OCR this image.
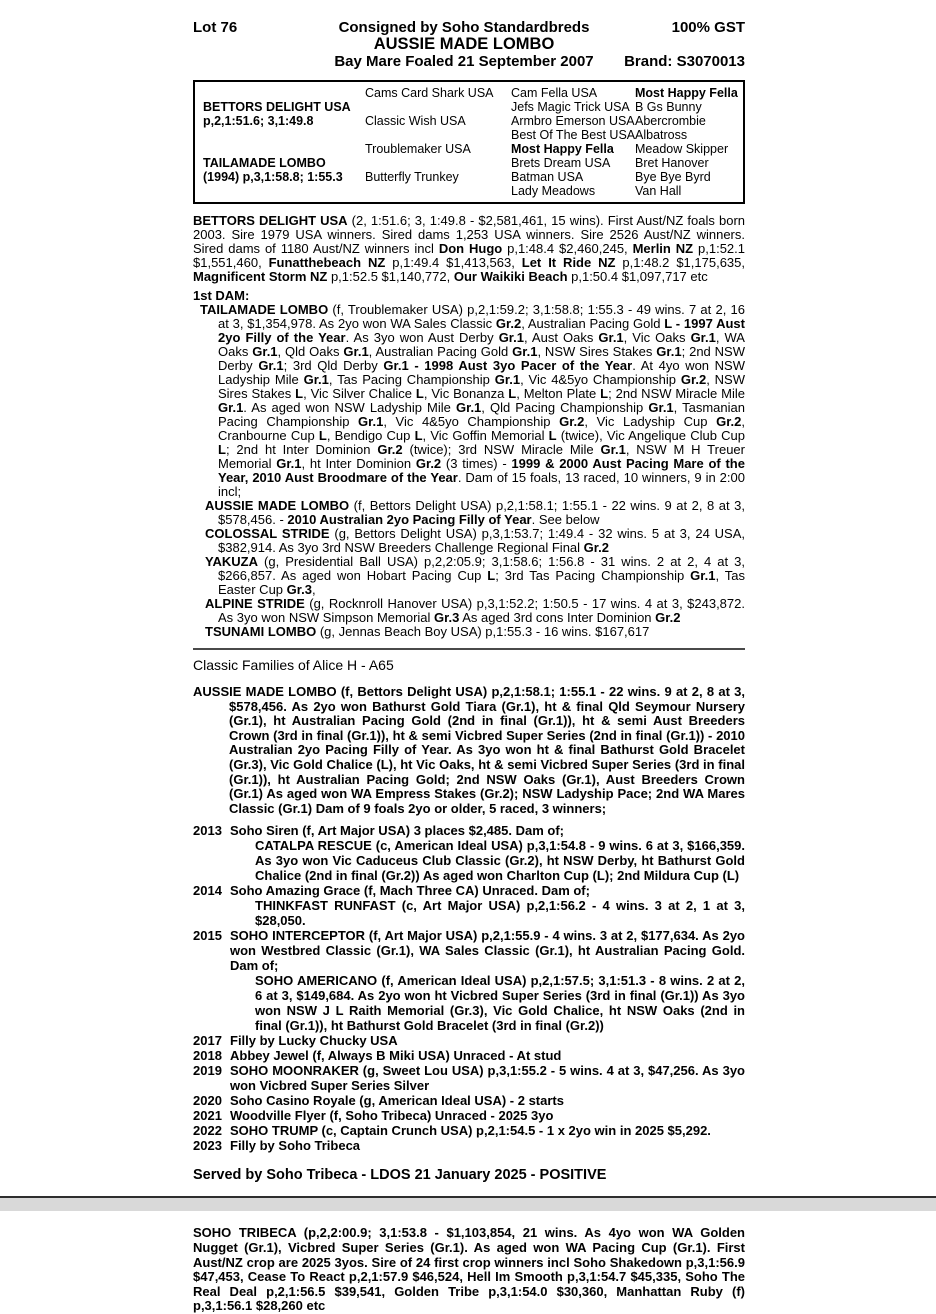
Lot 76	Consigned by Soho Standardbreds
AUSSIE MADE LOMBO
Bay Mare Foaled 21 September 2007
100% GST
Brand: S3070013
BETTORS DELIGHT USA
p,2,1:51.6; 3,1:49.8
TAILAMADE LOMBO
(1994) p,3,1:58.8; 1:55.3
Cams Card Shark USA
Classic Wish USA
Troublemaker USA
Butterfly Trunkey
Cam Fella USA
Jefs Magic Trick USA
Armbro Emerson USA
Best Of The Best USA
Most Happy Fella
Brets Dream USA
Batman USA
Lady Meadows
Most Happy Fella
B Gs Bunny
Abercrombie
Albatross
Meadow Skipper
Bret Hanover
Bye Bye Byrd
Van Hall
BETTORS DELIGHT USA (2, 1:51.6; 3, 1:49.8 - $2,581,461, 15 wins). First Aust/NZ foals born 2003. Sire 1979 USA winners. Sired dams 1,253 USA winners. Sire 2526 Aust/NZ winners. Sired dams of 1180 Aust/NZ winners incl Don Hugo p,1:48.4 $2,460,245, Merlin NZ p,1:52.1 $1,551,460, Funatthebeach NZ p,1:49.4 $1,413,563, Let It Ride NZ p,1:48.2 $1,175,635, Magnificent Storm NZ p,1:52.5 $1,140,772, Our Waikiki Beach p,1:50.4 $1,097,717 etc
1st DAM:
TAILAMADE LOMBO (f, Troublemaker USA) p,2,1:59.2; 3,1:58.8; 1:55.3 - 49 wins. 7 at 2, 16 at 3, $1,354,978. As 2yo won WA Sales Classic Gr.2, Australian Pacing Gold L - 1997 Aust 2yo Filly of the Year. As 3yo won Aust Derby Gr.1, Aust Oaks Gr.1, Vic Oaks Gr.1, WA Oaks Gr.1, Qld Oaks Gr.1, Australian Pacing Gold Gr.1, NSW Sires Stakes Gr.1; 2nd NSW Derby Gr.1; 3rd Qld Derby Gr.1 - 1998 Aust 3yo Pacer of the Year. At 4yo won NSW Ladyship Mile Gr.1, Tas Pacing Championship Gr.1, Vic 4&5yo Championship Gr.2, NSW Sires Stakes L, Vic Silver Chalice L, Vic Bonanza L, Melton Plate L; 2nd NSW Miracle Mile Gr.1. As aged won NSW Ladyship Mile Gr.1, Qld Pacing Championship Gr.1, Tasmanian Pacing Championship Gr.1, Vic 4&5yo Championship Gr.2, Vic Ladyship Cup Gr.2, Cranbourne Cup L, Bendigo Cup L, Vic Goffin Memorial L (twice), Vic Angelique Club Cup L; 2nd ht Inter Dominion Gr.2 (twice); 3rd NSW Miracle Mile Gr.1, NSW M H Treuer Memorial Gr.1, ht Inter Dominion Gr.2 (3 times) - 1999 & 2000 Aust Pacing Mare of the Year, 2010 Aust Broodmare of the Year. Dam of 15 foals, 13 raced, 10 winners, 9 in 2:00 incl;
AUSSIE MADE LOMBO (f, Bettors Delight USA) p,2,1:58.1; 1:55.1 - 22 wins. 9 at 2, 8 at 3, $578,456. - 2010 Australian 2yo Pacing Filly of Year. See below
COLOSSAL STRIDE (g, Bettors Delight USA) p,3,1:53.7; 1:49.4 - 32 wins. 5 at 3, 24 USA, $382,914. As 3yo 3rd NSW Breeders Challenge Regional Final Gr.2
YAKUZA (g, Presidential Ball USA) p,2,2:05.9; 3,1:58.6; 1:56.8 - 31 wins. 2 at 2, 4 at 3, $266,857. As aged won Hobart Pacing Cup L; 3rd Tas Pacing Championship Gr.1, Tas Easter Cup Gr.3,
ALPINE STRIDE (g, Rocknroll Hanover USA) p,3,1:52.2; 1:50.5 - 17 wins. 4 at 3, $243,872. As 3yo won NSW Simpson Memorial Gr.3 As aged 3rd cons Inter Dominion Gr.2
TSUNAMI LOMBO (g, Jennas Beach Boy USA) p,1:55.3 - 16 wins. $167,617
Classic Families of Alice H - A65
AUSSIE MADE LOMBO (f, Bettors Delight USA) p,2,1:58.1; 1:55.1 - 22 wins. 9 at 2, 8 at 3, $578,456. As 2yo won Bathurst Gold Tiara (Gr.1), ht & final Qld Seymour Nursery (Gr.1), ht Australian Pacing Gold (2nd in final (Gr.1)), ht & semi Aust Breeders Crown (3rd in final (Gr.1)), ht & semi Vicbred Super Series (2nd in final (Gr.1)) - 2010 Australian 2yo Pacing Filly of Year. As 3yo won ht & final Bathurst Gold Bracelet (Gr.3), Vic Gold Chalice (L), ht Vic Oaks, ht & semi Vicbred Super Series (3rd in final (Gr.1)), ht Australian Pacing Gold; 2nd NSW Oaks (Gr.1), Aust Breeders Crown (Gr.1) As aged won WA Empress Stakes (Gr.2); NSW Ladyship Pace; 2nd WA Mares Classic (Gr.1) Dam of 9 foals 2yo or older, 5 raced, 3 winners;
2013 Soho Siren (f, Art Major USA) 3 places $2,485. Dam of;
CATALPA RESCUE (c, American Ideal USA) p,3,1:54.8 - 9 wins. 6 at 3, $166,359. As 3yo won Vic Caduceus Club Classic (Gr.2), ht NSW Derby, ht Bathurst Gold Chalice (2nd in final (Gr.2)) As aged won Charlton Cup (L); 2nd Mildura Cup (L)
2014 Soho Amazing Grace (f, Mach Three CA) Unraced. Dam of;
THINKFAST RUNFAST (c, Art Major USA) p,2,1:56.2 - 4 wins. 3 at 2, 1 at 3, $28,050.
2015 SOHO INTERCEPTOR (f, Art Major USA) p,2,1:55.9 - 4 wins. 3 at 2, $177,634. As 2yo won Westbred Classic (Gr.1), WA Sales Classic (Gr.1), ht Australian Pacing Gold. Dam of;
SOHO AMERICANO (f, American Ideal USA) p,2,1:57.5; 3,1:51.3 - 8 wins. 2 at 2, 6 at 3, $149,684. As 2yo won ht Vicbred Super Series (3rd in final (Gr.1)) As 3yo won NSW J L Raith Memorial (Gr.3), Vic Gold Chalice, ht NSW Oaks (2nd in final (Gr.1)), ht Bathurst Gold Bracelet (3rd in final (Gr.2))
2017 Filly by Lucky Chucky USA
2018 Abbey Jewel (f, Always B Miki USA) Unraced - At stud
2019 SOHO MOONRAKER (g, Sweet Lou USA) p,3,1:55.2 - 5 wins. 4 at 3, $47,256. As 3yo won Vicbred Super Series Silver
2020 Soho Casino Royale (g, American Ideal USA) - 2 starts
2021 Woodville Flyer (f, Soho Tribeca) Unraced - 2025 3yo
2022 SOHO TRUMP (c, Captain Crunch USA) p,2,1:54.5 - 1 x 2yo win in 2025 $5,292.
2023 Filly by Soho Tribeca
Served by Soho Tribeca - LDOS 21 January 2025 - POSITIVE
SOHO TRIBECA (p,2,2:00.9; 3,1:53.8 - $1,103,854, 21 wins. As 4yo won WA Golden Nugget (Gr.1), Vicbred Super Series (Gr.1). As aged won WA Pacing Cup (Gr.1). First Aust/NZ crop are 2025 3yos. Sire of 24 first crop winners incl Soho Shakedown p,3,1:56.9 $47,453, Cease To React p,2,1:57.9 $46,524, Hell Im Smooth p,3,1:54.7 $45,335, Soho The Real Deal p,2,1:56.5 $39,541, Golden Tribe p,3,1:54.0 $30,360, Manhattan Ruby (f) p,3,1:56.1 $28,260 etc
